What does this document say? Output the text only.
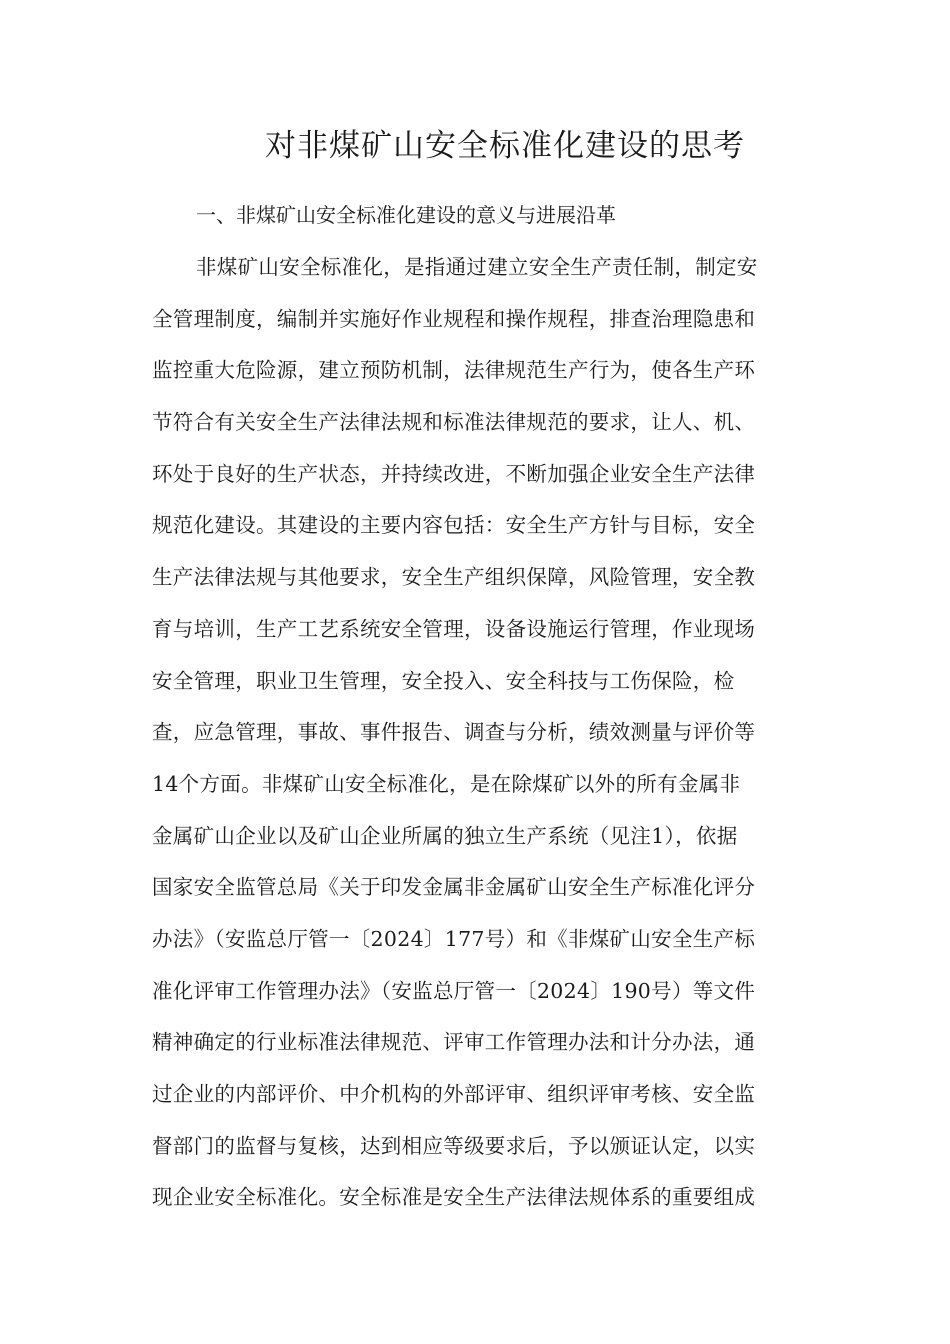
对非煤矿山安全标准化建设的思考
一、非煤矿山安全标准化建设的意义与进展沿革
非煤矿山安全标准化，是指通过建立安全生产责任制，制定安
全管理制度，编制并实施好作业规程和操作规程，排查治理隐患和
监控重大危险源，建立预防机制，法律规范生产行为，使各生产环
节符合有关安全生产法律法规和标准法律规范的要求，让人、机、
环处于良好的生产状态，并持续改进，不断加强企业安全生产法律
规范化建设。其建设的主要内容包括：安全生产方针与目标，安全
生产法律法规与其他要求，安全生产组织保障，风险管理，安全教
育与培训，生产工艺系统安全管理，设备设施运行管理，作业现场
安全管理，职业卫生管理，安全投入、安全科技与工伤保险，检
查，应急管理，事故、事件报告、调查与分析，绩效测量与评价等
14个方面。非煤矿山安全标准化，是在除煤矿以外的所有金属非
金属矿山企业以及矿山企业所属的独立生产系统（见注1），依据
国家安全监管总局《关于印发金属非金属矿山安全生产标准化评分
办法》（安监总厅管一〔2024〕177号）和《非煤矿山安全生产标
准化评审工作管理办法》（安监总厅管一〔2024〕190号）等文件
精神确定的行业标准法律规范、评审工作管理办法和计分办法，通
过企业的内部评价、中介机构的外部评审、组织评审考核、安全监
督部门的监督与复核，达到相应等级要求后，予以颁证认定，以实
现企业安全标准化。安全标准是安全生产法律法规体系的重要组成
